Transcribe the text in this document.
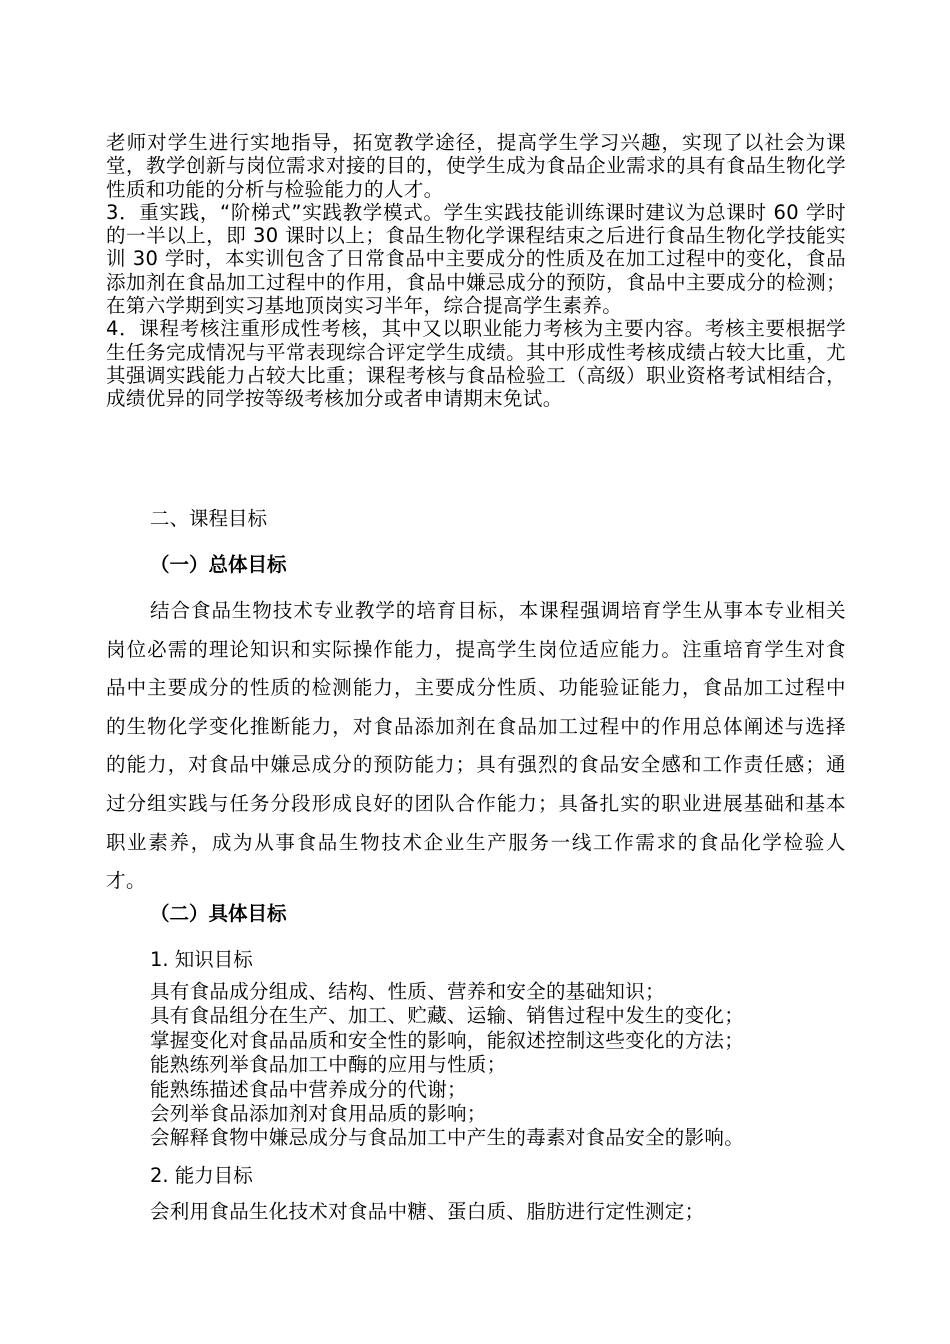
老师对学生进行实地指导，拓宽教学途径，提高学生学习兴趣，实现了以社会为课堂，教学创新与岗位需求对接的目的，使学生成为食品企业需求的具有食品生物化学性质和功能的分析与检验能力的人才。

3．重实践，“阶梯式”实践教学模式。学生实践技能训练课时建议为总课时 60 学时的一半以上，即 30 课时以上；食品生物化学课程结束之后进行食品生物化学技能实训 30 学时，本实训包含了日常食品中主要成分的性质及在加工过程中的变化，食品添加剂在食品加工过程中的作用，食品中嫌忌成分的预防，食品中主要成分的检测；在第六学期到实习基地顶岗实习半年，综合提高学生素养。

4．课程考核注重形成性考核，其中又以职业能力考核为主要内容。考核主要根据学生任务完成情况与平常表现综合评定学生成绩。其中形成性考核成绩占较大比重，尤其强调实践能力占较大比重；课程考核与食品检验工（高级）职业资格考试相结合，成绩优异的同学按等级考核加分或者申请期末免试。

二、课程目标

（一）总体目标

结合食品生物技术专业教学的培育目标，本课程强调培育学生从事本专业相关岗位必需的理论知识和实际操作能力，提高学生岗位适应能力。注重培育学生对食品中主要成分的性质的检测能力，主要成分性质、功能验证能力，食品加工过程中的生物化学变化推断能力，对食品添加剂在食品加工过程中的作用总体阐述与选择的能力，对食品中嫌忌成分的预防能力；具有强烈的食品安全感和工作责任感；通过分组实践与任务分段形成良好的团队合作能力；具备扎实的职业进展基础和基本职业素养，成为从事食品生物技术企业生产服务一线工作需求的食品化学检验人才。

（二）具体目标

1. 知识目标

具有食品成分组成、结构、性质、营养和安全的基础知识；
具有食品组分在生产、加工、贮藏、运输、销售过程中发生的变化；
掌握变化对食品品质和安全性的影响，能叙述控制这些变化的方法；
能熟练列举食品加工中酶的应用与性质；
能熟练描述食品中营养成分的代谢；
会列举食品添加剂对食用品质的影响；
会解释食物中嫌忌成分与食品加工中产生的毒素对食品安全的影响。

2. 能力目标

会利用食品生化技术对食品中糖、蛋白质、脂肪进行定性测定；
